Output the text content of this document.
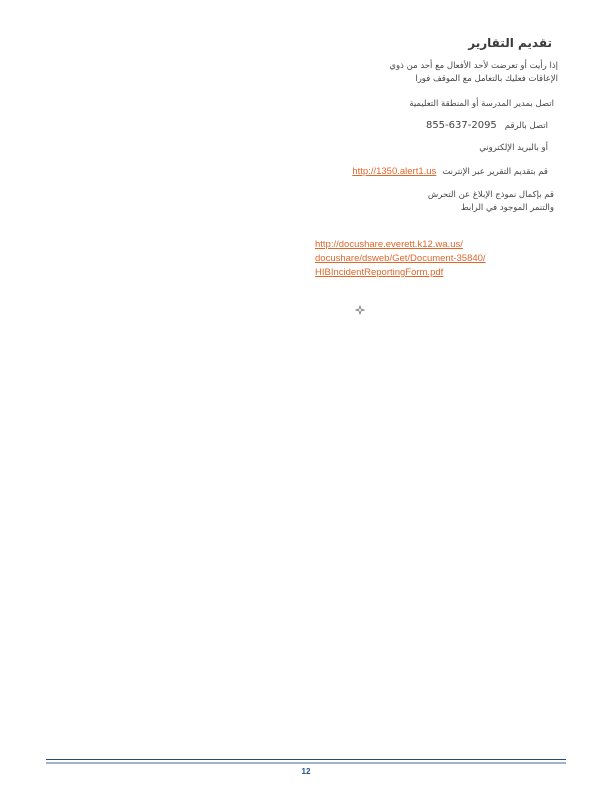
تقديم التقارير
إذا رأيت أو تعرضت لأحد الأفعال مع أحد من ذوي الإعاقات فعليك بالتعامل مع الموقف فورا
اتصل بمدير المدرسة أو المنطقة التعليمية
855-637-2095 اتصل بالرقم
أو بالبريد الإلكتروني
قم بتقديم التقرير عبر الإنترنت
http://1350.alert1.us
قم بإكمال نموذج الإبلاغ عن التحرش والتنمر الموجود في الرابط
http://docushare.everett.k12.wa.us/
docushare/dsweb/Get/Document-35840/
HIBIncidentReportingForm.pdf
12
